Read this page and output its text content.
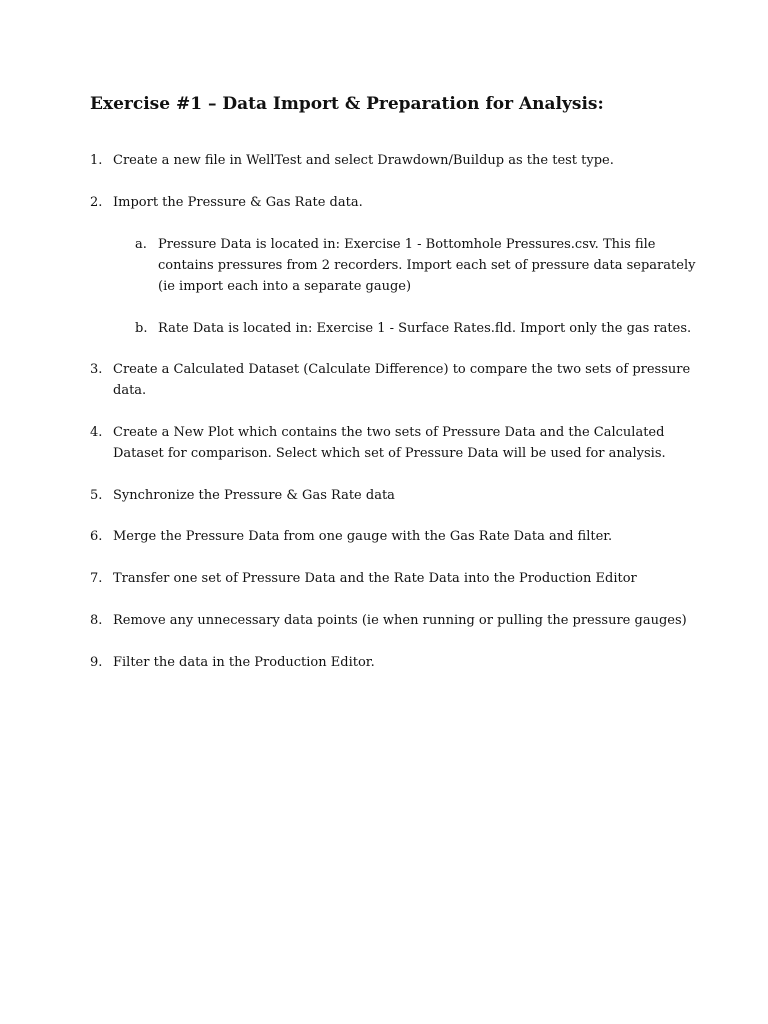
Exercise #1 – Data Import & Preparation for Analysis:
1. Create a new file in WellTest and select Drawdown/Buildup as the test type.
2. Import the Pressure & Gas Rate data.
a. Pressure Data is located in: Exercise 1 - Bottomhole Pressures.csv. This file contains pressures from 2 recorders. Import each set of pressure data separately (ie import each into a separate gauge)
b. Rate Data is located in: Exercise 1 - Surface Rates.fld. Import only the gas rates.
3. Create a Calculated Dataset (Calculate Difference) to compare the two sets of pressure data.
4. Create a New Plot which contains the two sets of Pressure Data and the Calculated Dataset for comparison. Select which set of Pressure Data will be used for analysis.
5. Synchronize the Pressure & Gas Rate data
6. Merge the Pressure Data from one gauge with the Gas Rate Data and filter.
7. Transfer one set of Pressure Data and the Rate Data into the Production Editor
8. Remove any unnecessary data points (ie when running or pulling the pressure gauges)
9. Filter the data in the Production Editor.
